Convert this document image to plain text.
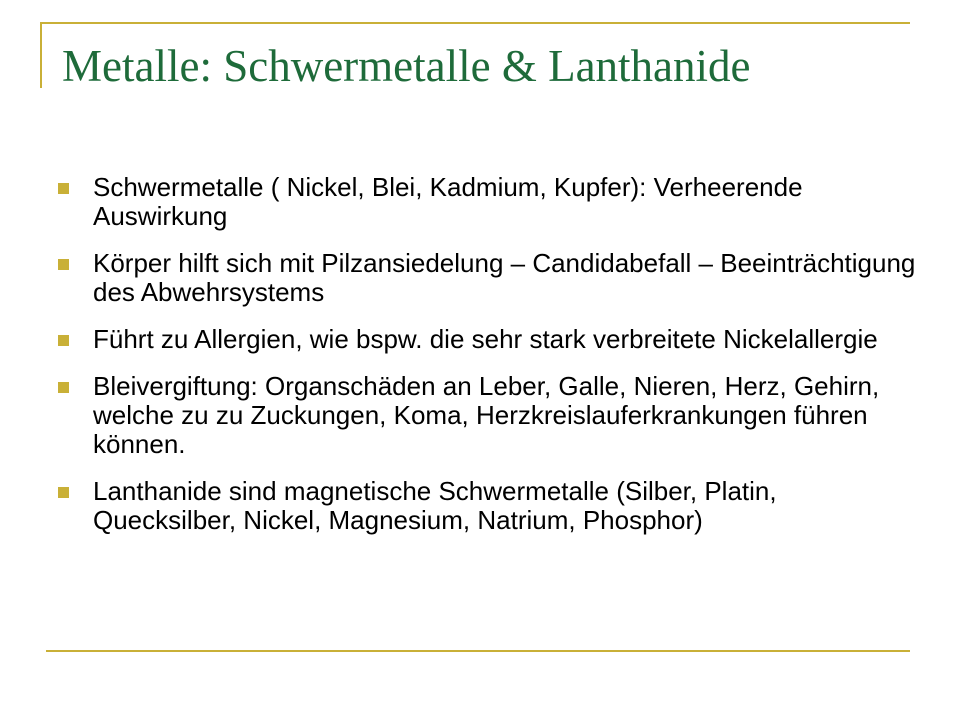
Metalle: Schwermetalle & Lanthanide
Schwermetalle ( Nickel, Blei, Kadmium, Kupfer): Verheerende Auswirkung
Körper hilft sich mit Pilzansiedelung – Candidabefall – Beeinträchtigung des Abwehrsystems
Führt zu Allergien, wie bspw. die sehr stark verbreitete Nickelallergie
Bleivergiftung: Organschäden an Leber, Galle, Nieren, Herz, Gehirn, welche zu zu Zuckungen, Koma, Herzkreislauferkrankungen führen können.
Lanthanide sind magnetische Schwermetalle (Silber, Platin, Quecksilber, Nickel, Magnesium, Natrium, Phosphor)
